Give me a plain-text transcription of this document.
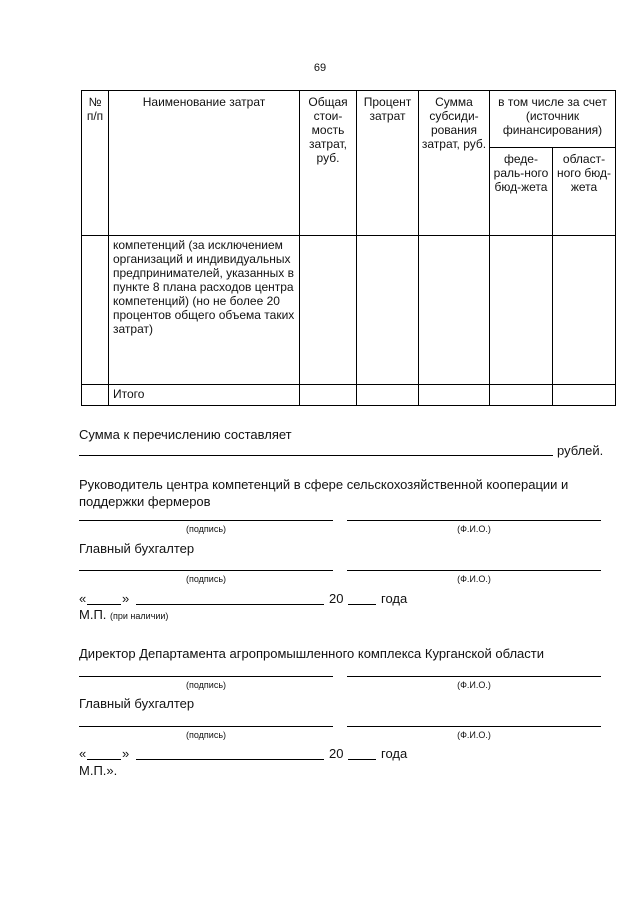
69
№ п/п	Наименование затрат	Общая стои-мость затрат, руб.	Процент затрат	Сумма субсиди-рования затрат, руб.	в том числе за счет (источник финансирования)	
					феде-раль-ного бюд-жета	област-ного бюд-жета
	компетенций (за исключением организаций и индивидуальных предпринимателей, указанных в пункте 8 плана расходов центра компетенций) (но не более 20 процентов общего объема таких затрат)					
	Итого					
Сумма к перечислению составляет
рублей.
Руководитель центра компетенций в сфере сельскохозяйственной кооперации и поддержки фермеров
(подпись)	(Ф.И.О.)
Главный бухгалтер
(подпись)	(Ф.И.О.)
«	»	20	года
М.П. (при наличии)
Директор Департамента агропромышленного комплекса Курганской области
(подпись)	(Ф.И.О.)
Главный бухгалтер
(подпись)	(Ф.И.О.)
«	»	20	года
М.П.».
